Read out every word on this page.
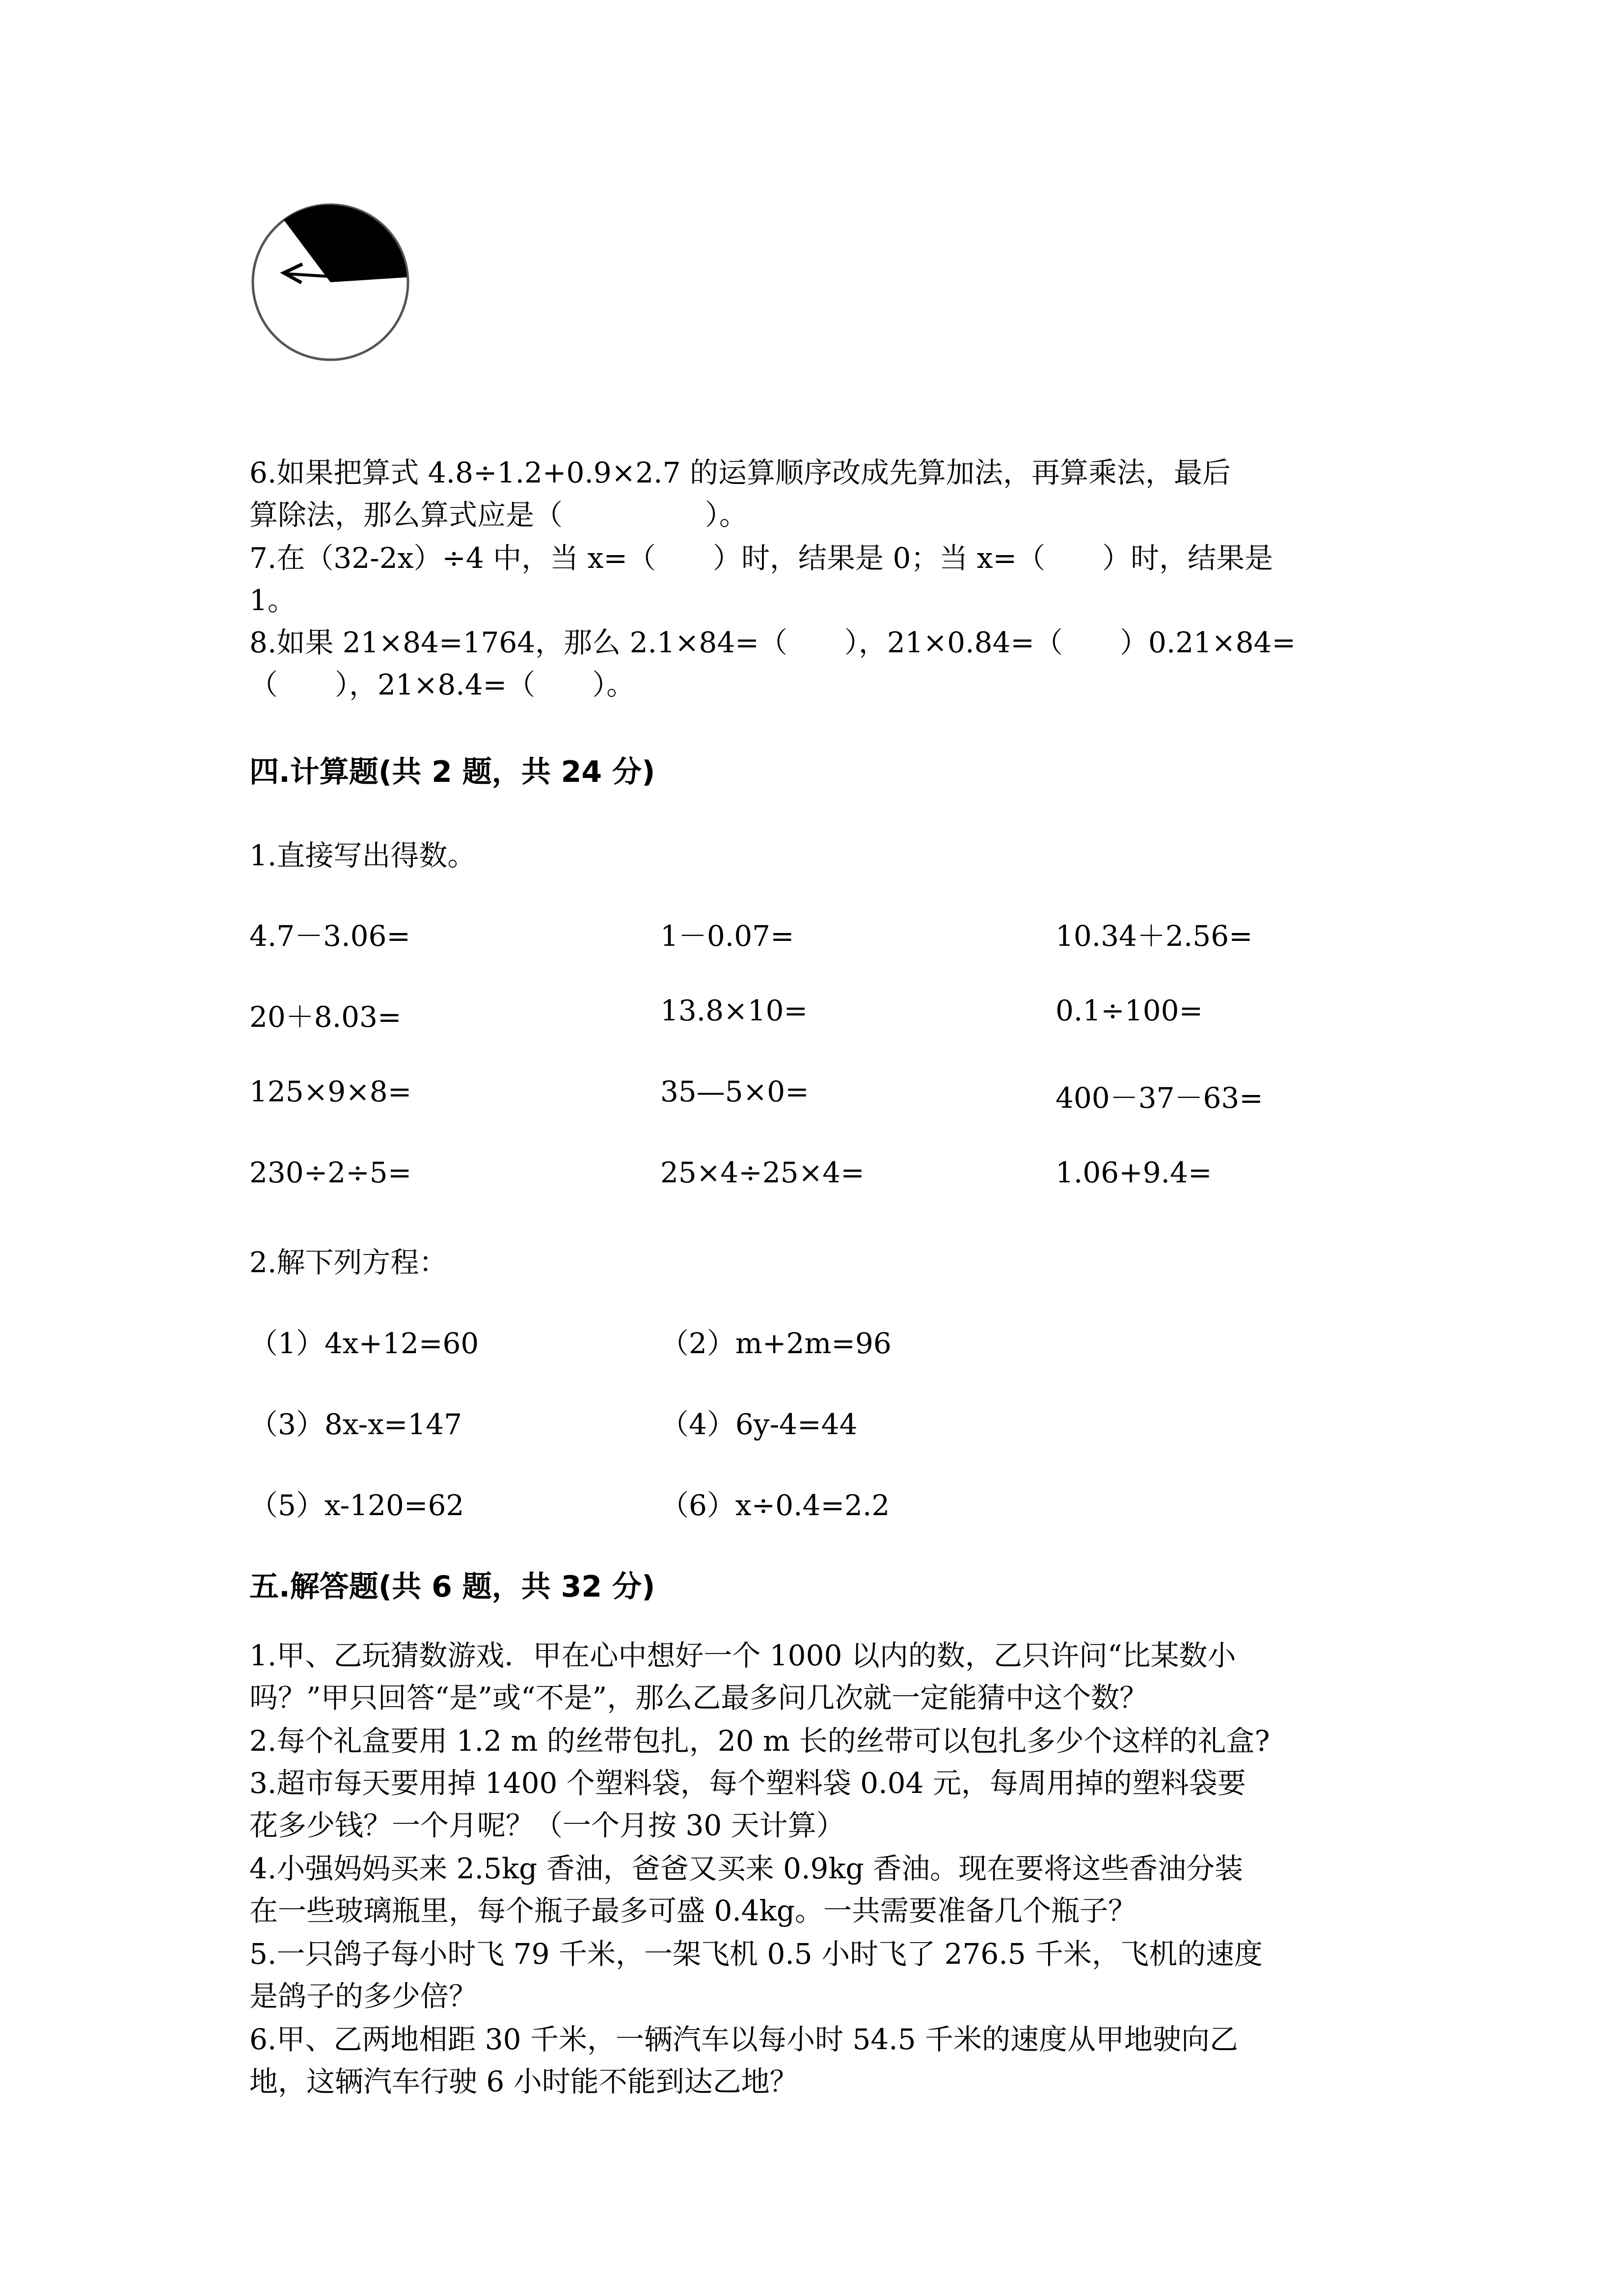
6.如果把算式 4.8÷1.2+0.9×2.7 的运算顺序改成先算加法，再算乘法，最后
算除法，那么算式应是（　　　　　）。
7.在（32-2x）÷4 中，当 x=（　　）时，结果是 0；当 x=（　　）时，结果是
1。
8.如果 21×84=1764，那么 2.1×84=（　　），21×0.84=（　　）0.21×84=
（　　），21×8.4=（　　）。
四.计算题(共 2 题，共 24 分)
1.直接写出得数。
4.7－3.06=	1－0.07=	10.34＋2.56=
20＋8.03=	13.8×10=	0.1÷100=
125×9×8=	35—5×0=	400－37－63=
230÷2÷5=	25×4÷25×4=	1.06+9.4=
2.解下列方程：
（1）4x+12=60	（2）m+2m=96
（3）8x-x=147	（4）6y-4=44
（5）x-120=62	（6）x÷0.4=2.2
五.解答题(共 6 题，共 32 分)
1.甲、乙玩猜数游戏．甲在心中想好一个 1000 以内的数，乙只许问“比某数小
吗？”甲只回答“是”或“不是”，那么乙最多问几次就一定能猜中这个数？
2.每个礼盒要用 1.2 m 的丝带包扎，20 m 长的丝带可以包扎多少个这样的礼盒?
3.超市每天要用掉 1400 个塑料袋，每个塑料袋 0.04 元，每周用掉的塑料袋要
花多少钱？一个月呢？（一个月按 30 天计算）
4.小强妈妈买来 2.5kg 香油，爸爸又买来 0.9kg 香油。现在要将这些香油分装
在一些玻璃瓶里，每个瓶子最多可盛 0.4kg。一共需要准备几个瓶子？
5.一只鸽子每小时飞 79 千米，一架飞机 0.5 小时飞了 276.5 千米，飞机的速度
是鸽子的多少倍？
6.甲、乙两地相距 30 千米，一辆汽车以每小时 54.5 千米的速度从甲地驶向乙
地，这辆汽车行驶 6 小时能不能到达乙地？
